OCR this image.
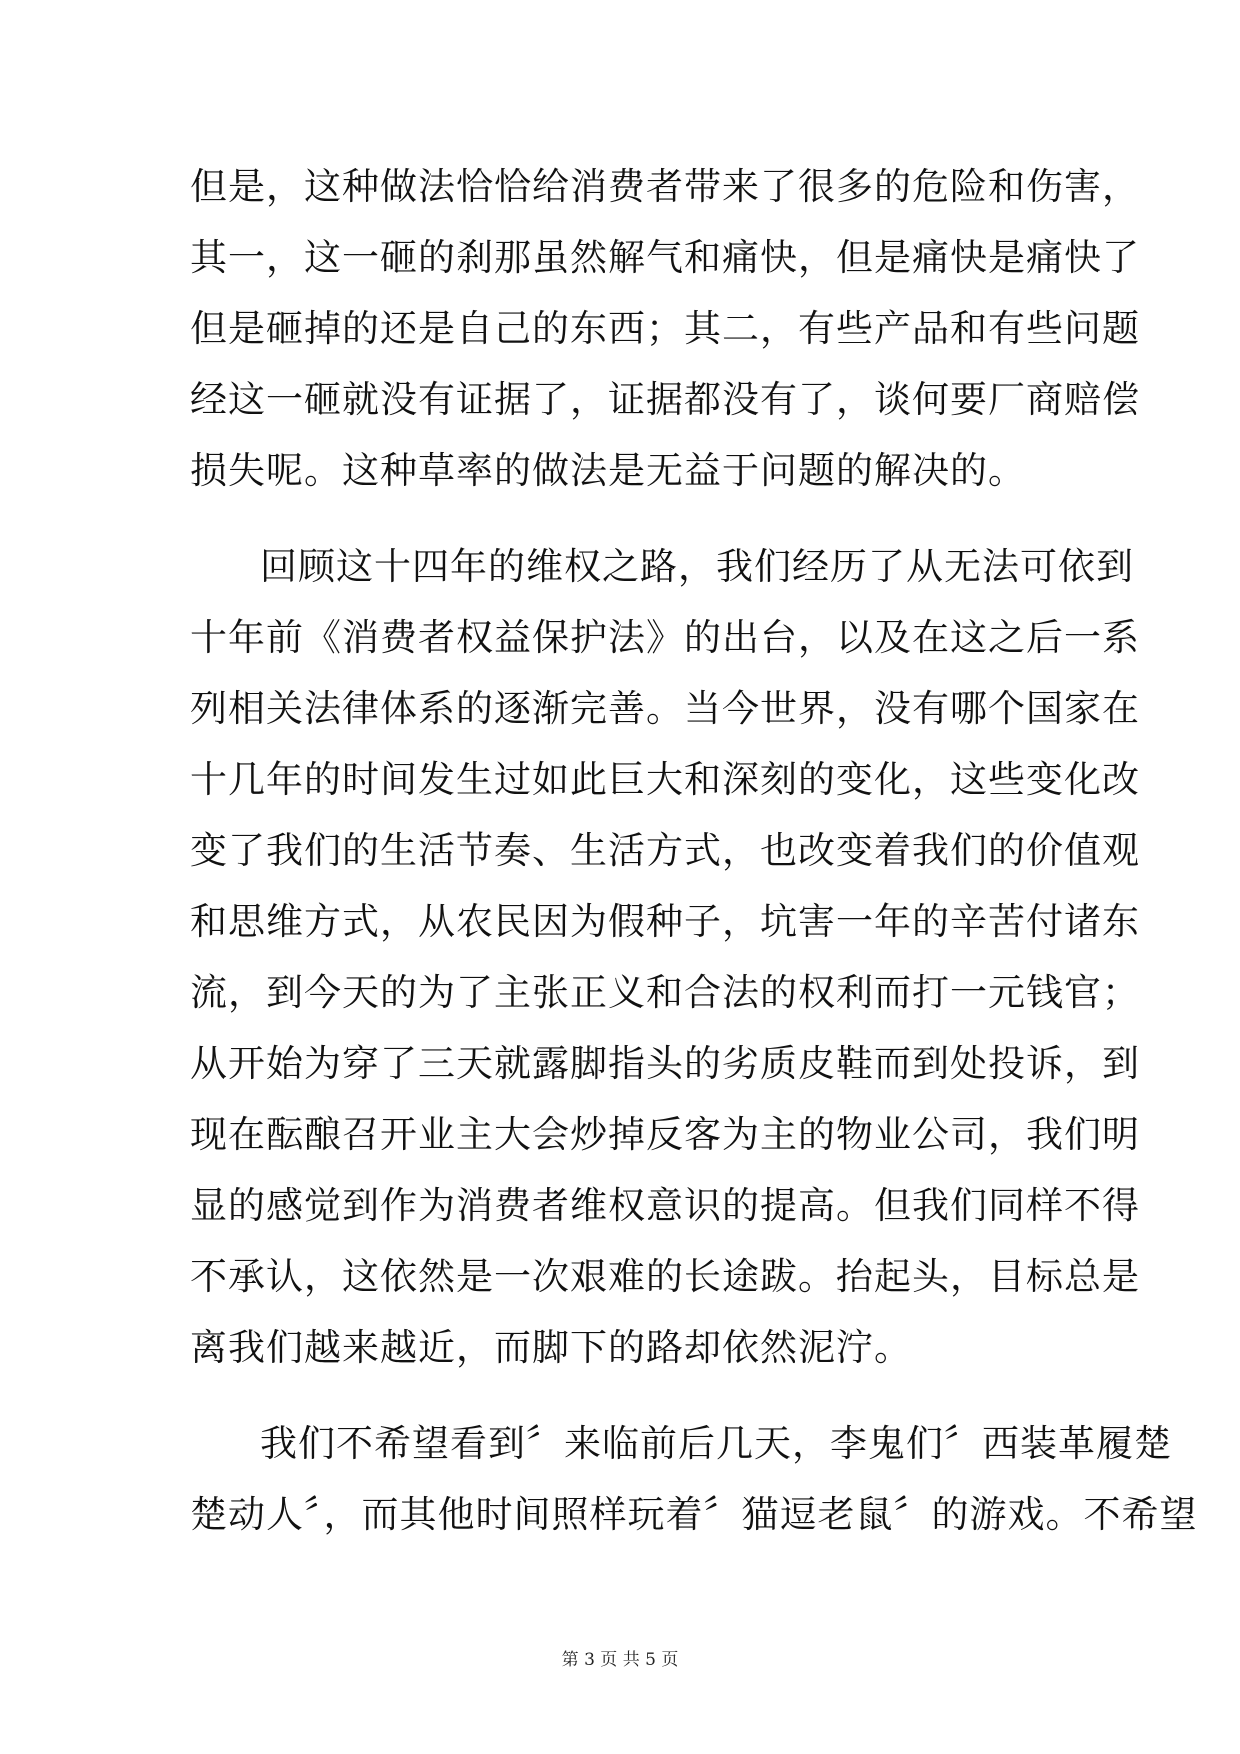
但是，这种做法恰恰给消费者带来了很多的危险和伤害，
其一，这一砸的刹那虽然解气和痛快，但是痛快是痛快了
但是砸掉的还是自己的东西；其二，有些产品和有些问题
经这一砸就没有证据了，证据都没有了，谈何要厂商赔偿
损失呢。这种草率的做法是无益于问题的解决的。
回顾这十四年的维权之路，我们经历了从无法可依到
十年前《消费者权益保护法》的出台，以及在这之后一系
列相关法律体系的逐渐完善。当今世界，没有哪个国家在
十几年的时间发生过如此巨大和深刻的变化，这些变化改
变了我们的生活节奏、生活方式，也改变着我们的价值观
和思维方式，从农民因为假种子，坑害一年的辛苦付诸东
流，到今天的为了主张正义和合法的权利而打一元钱官；
从开始为穿了三天就露脚指头的劣质皮鞋而到处投诉，到
现在酝酿召开业主大会炒掉反客为主的物业公司，我们明
显的感觉到作为消费者维权意识的提高。但我们同样不得
不承认，这依然是一次艰难的长途跋。抬起头，目标总是
离我们越来越近，而脚下的路却依然泥泞。
我们不希望看到〞来临前后几天，李鬼们〞西装革履楚
楚动人〞，而其他时间照样玩着〞猫逗老鼠〞的游戏。不希望
第 3 页 共 5 页
